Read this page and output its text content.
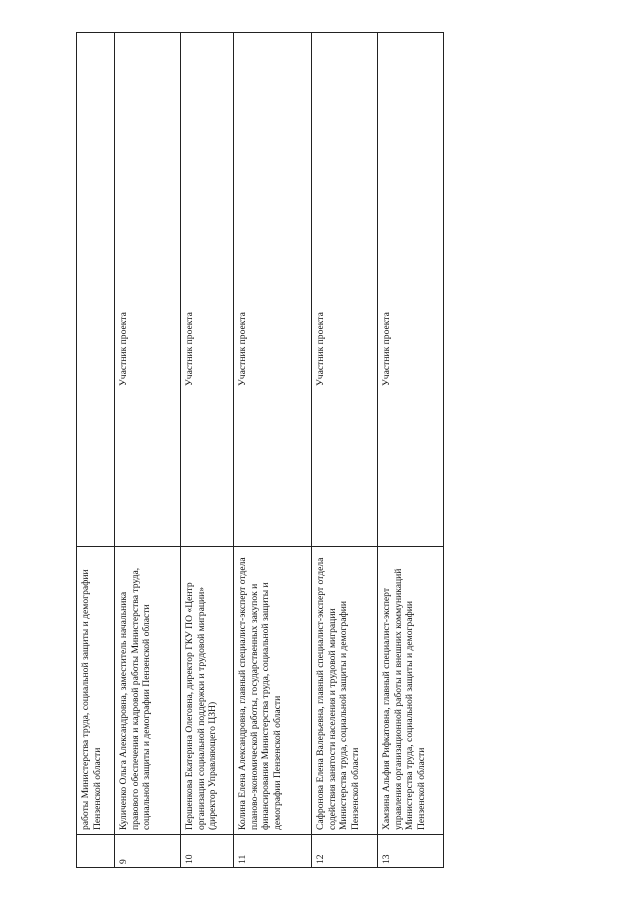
	работы Министерства труда, социальной защиты и демографии Пензенской области	
9	Куличенко Ольга Александровна, заместитель начальника правового обеспечения и кадровой работы Министерства труда, социальной защиты и демографии Пензенской области	Участник проекта
10	Першенкова Екатерина Олеговна, директор ГКУ ПО «Центр организации социальной поддержки и трудовой миграции» (директор Управляющего ЦЗН)	Участник проекта
11	Колина Елена Александровна, главный специалист-эксперт отдела планово-экономической работы, государственных закупок и финансирования Министерства труда, социальной защиты и демографии Пензенской области	Участник проекта
12	Сафронова Елена Валерьевна, главный специалист-эксперт отдела содействия занятости населения и трудовой миграции Министерства труда, социальной защиты и демографии Пензенской области	Участник проекта
13	Хамзина Альфия Рифкатовна, главный специалист-эксперт управления организационной работы и внешних коммуникаций Министерства труда, социальной защиты и демографии Пензенской области	Участник проекта
